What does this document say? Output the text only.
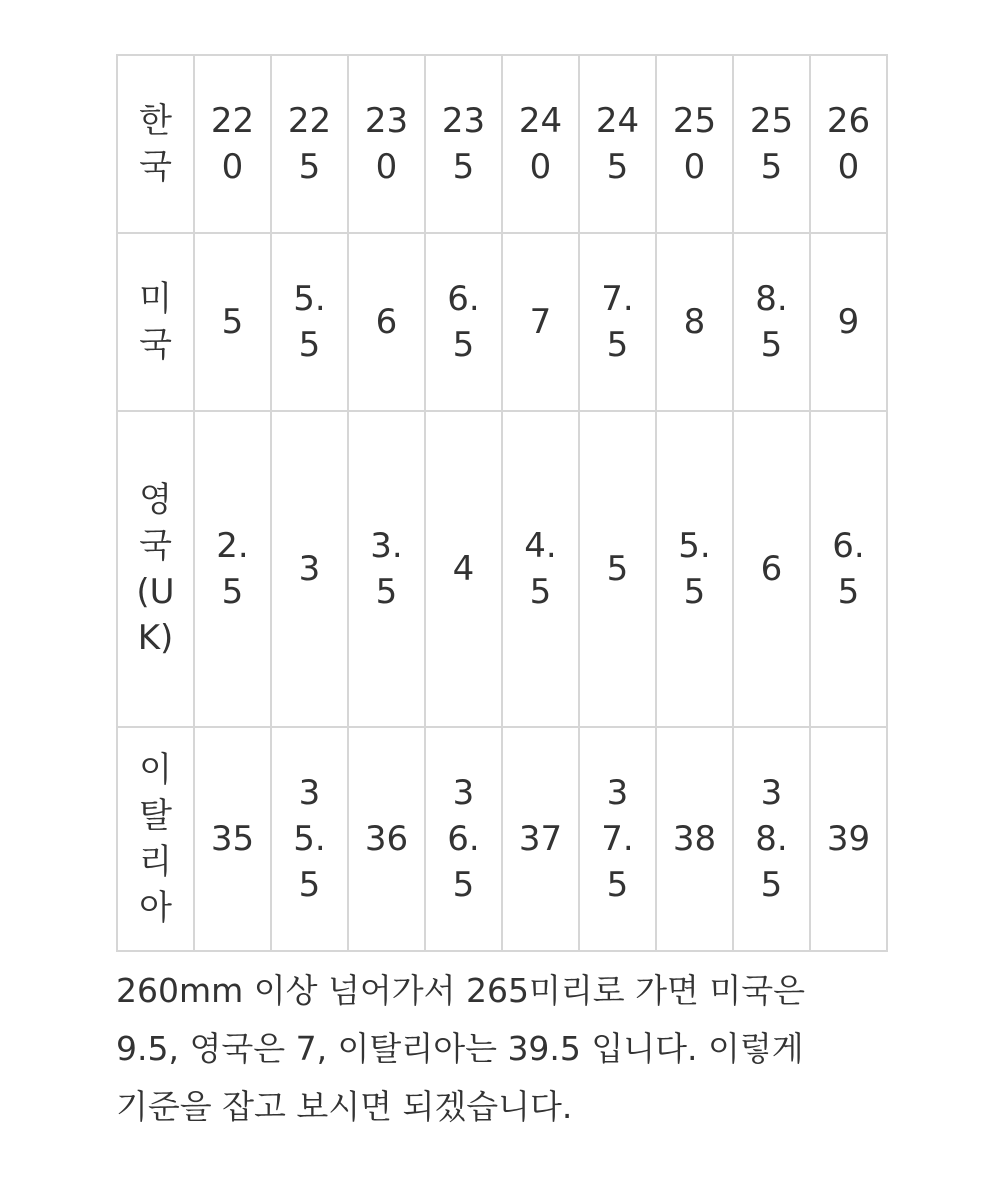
한국	220	225	230	235	240	245	250	255	260
미국	5	5.5	6	6.5	7	7.5	8	8.5	9
영국(UK)	2.5	3	3.5	4	4.5	5	5.5	6	6.5
이탈리아	35	35.5	36	36.5	37	37.5	38	38.5	39
260mm 이상 넘어가서 265미리로 가면 미국은
9.5, 영국은 7, 이탈리아는 39.5 입니다. 이렇게
기준을 잡고 보시면 되겠습니다.
